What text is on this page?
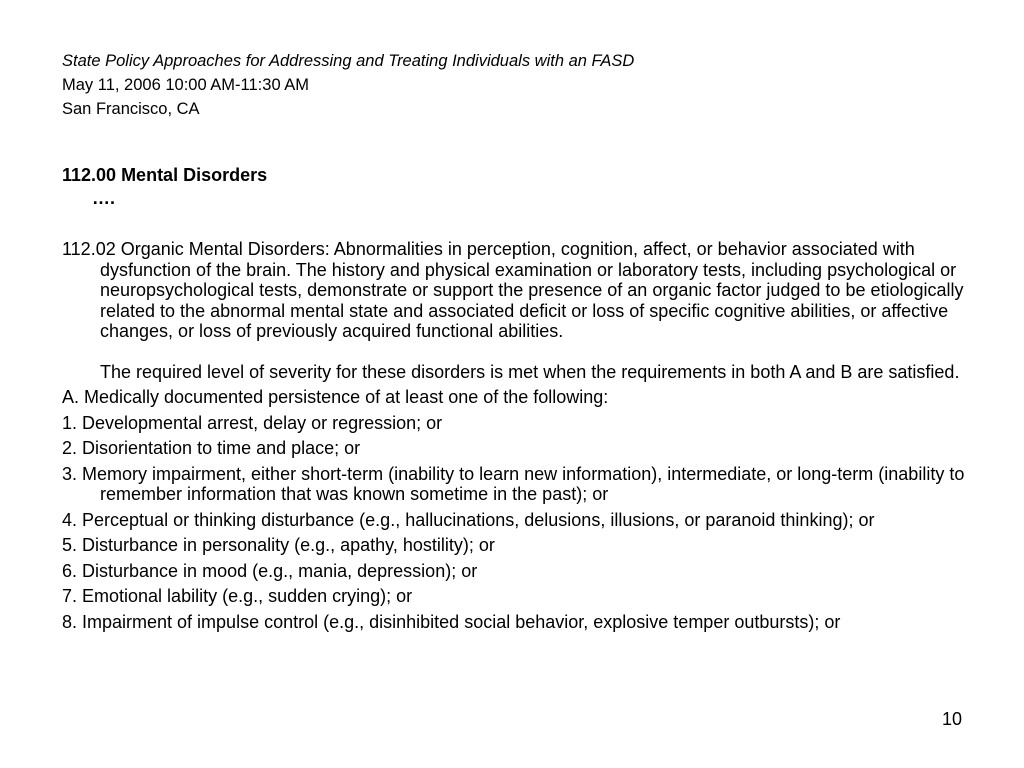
State Policy Approaches for Addressing and Treating Individuals with an FASD
May 11, 2006 10:00 AM-11:30 AM
San Francisco, CA
112.00 Mental Disorders
….
112.02 Organic Mental Disorders: Abnormalities in perception, cognition, affect, or behavior associated with dysfunction of the brain. The history and physical examination or laboratory tests, including psychological or neuropsychological tests, demonstrate or support the presence of an organic factor judged to be etiologically related to the abnormal mental state and associated deficit or loss of specific cognitive abilities, or affective changes, or loss of previously acquired functional abilities.
The required level of severity for these disorders is met when the requirements in both A and B are satisfied.
A. Medically documented persistence of at least one of the following:
1. Developmental arrest, delay or regression; or
2. Disorientation to time and place; or
3. Memory impairment, either short-term (inability to learn new information), intermediate, or long-term (inability to remember information that was known sometime in the past); or
4. Perceptual or thinking disturbance (e.g., hallucinations, delusions, illusions, or paranoid thinking); or
5. Disturbance in personality (e.g., apathy, hostility); or
6. Disturbance in mood (e.g., mania, depression); or
7. Emotional lability (e.g., sudden crying); or
8. Impairment of impulse control (e.g., disinhibited social behavior, explosive temper outbursts); or
10
